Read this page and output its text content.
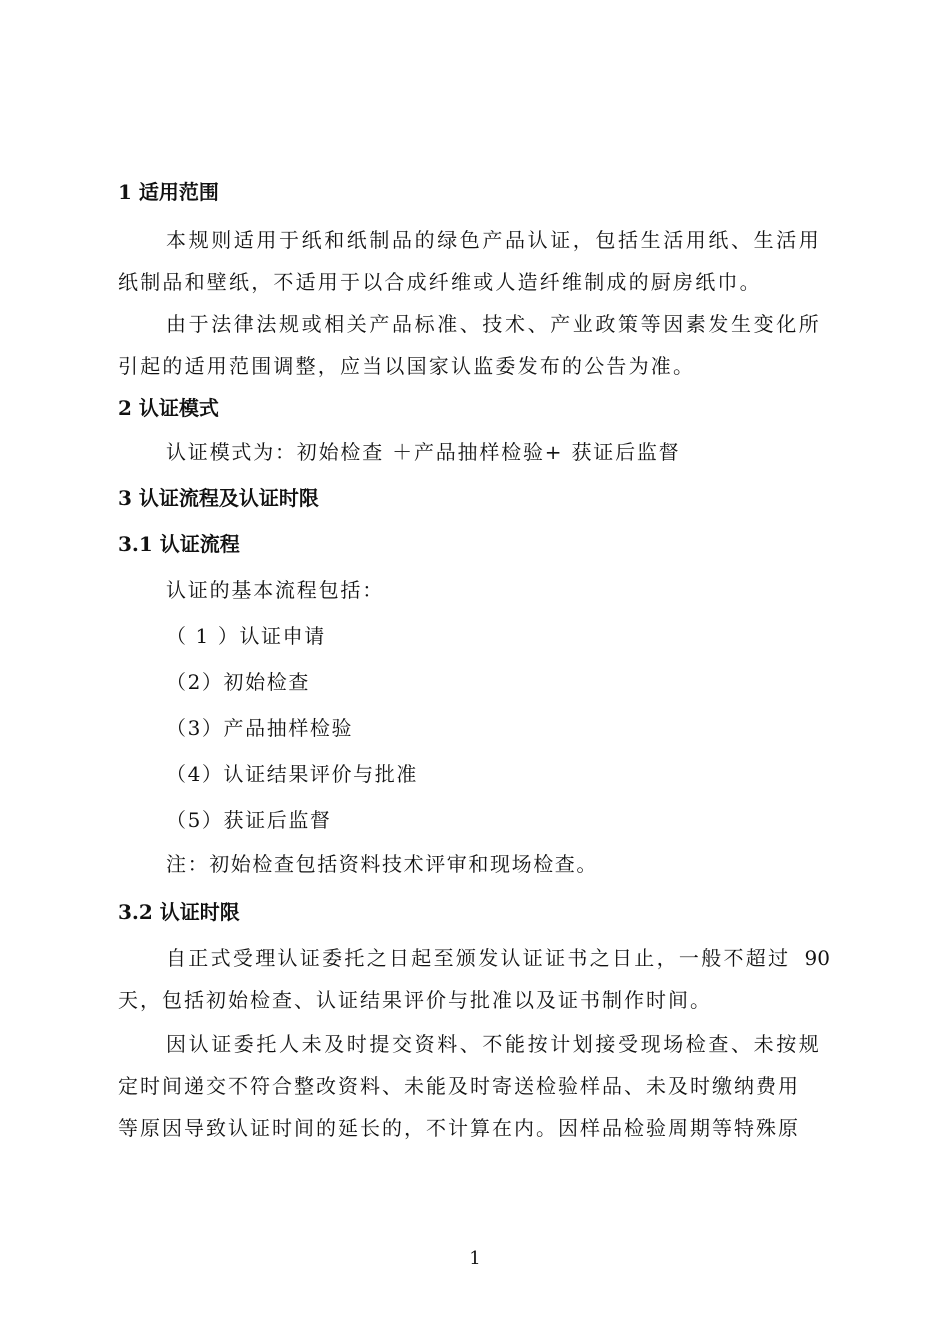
1 适用范围
本规则适用于纸和纸制品的绿色产品认证，包括生活用纸、生活用
纸制品和壁纸，不适用于以合成纤维或人造纤维制成的厨房纸巾。
由于法律法规或相关产品标准、技术、产业政策等因素发生变化所
引起的适用范围调整，应当以国家认监委发布的公告为准。
2 认证模式
认证模式为：初始检查 ＋产品抽样检验+ 获证后监督
3 认证流程及认证时限
3.1 认证流程
认证的基本流程包括：
（ 1 ）认证申请
（2）初始检查
（3）产品抽样检验
（4）认证结果评价与批准
（5）获证后监督
注：初始检查包括资料技术评审和现场检查。
3.2 认证时限
自正式受理认证委托之日起至颁发认证证书之日止，一般不超过 90
天，包括初始检查、认证结果评价与批准以及证书制作时间。
因认证委托人未及时提交资料、不能按计划接受现场检查、未按规
定时间递交不符合整改资料、未能及时寄送检验样品、未及时缴纳费用
等原因导致认证时间的延长的，不计算在内。因样品检验周期等特殊原
1
